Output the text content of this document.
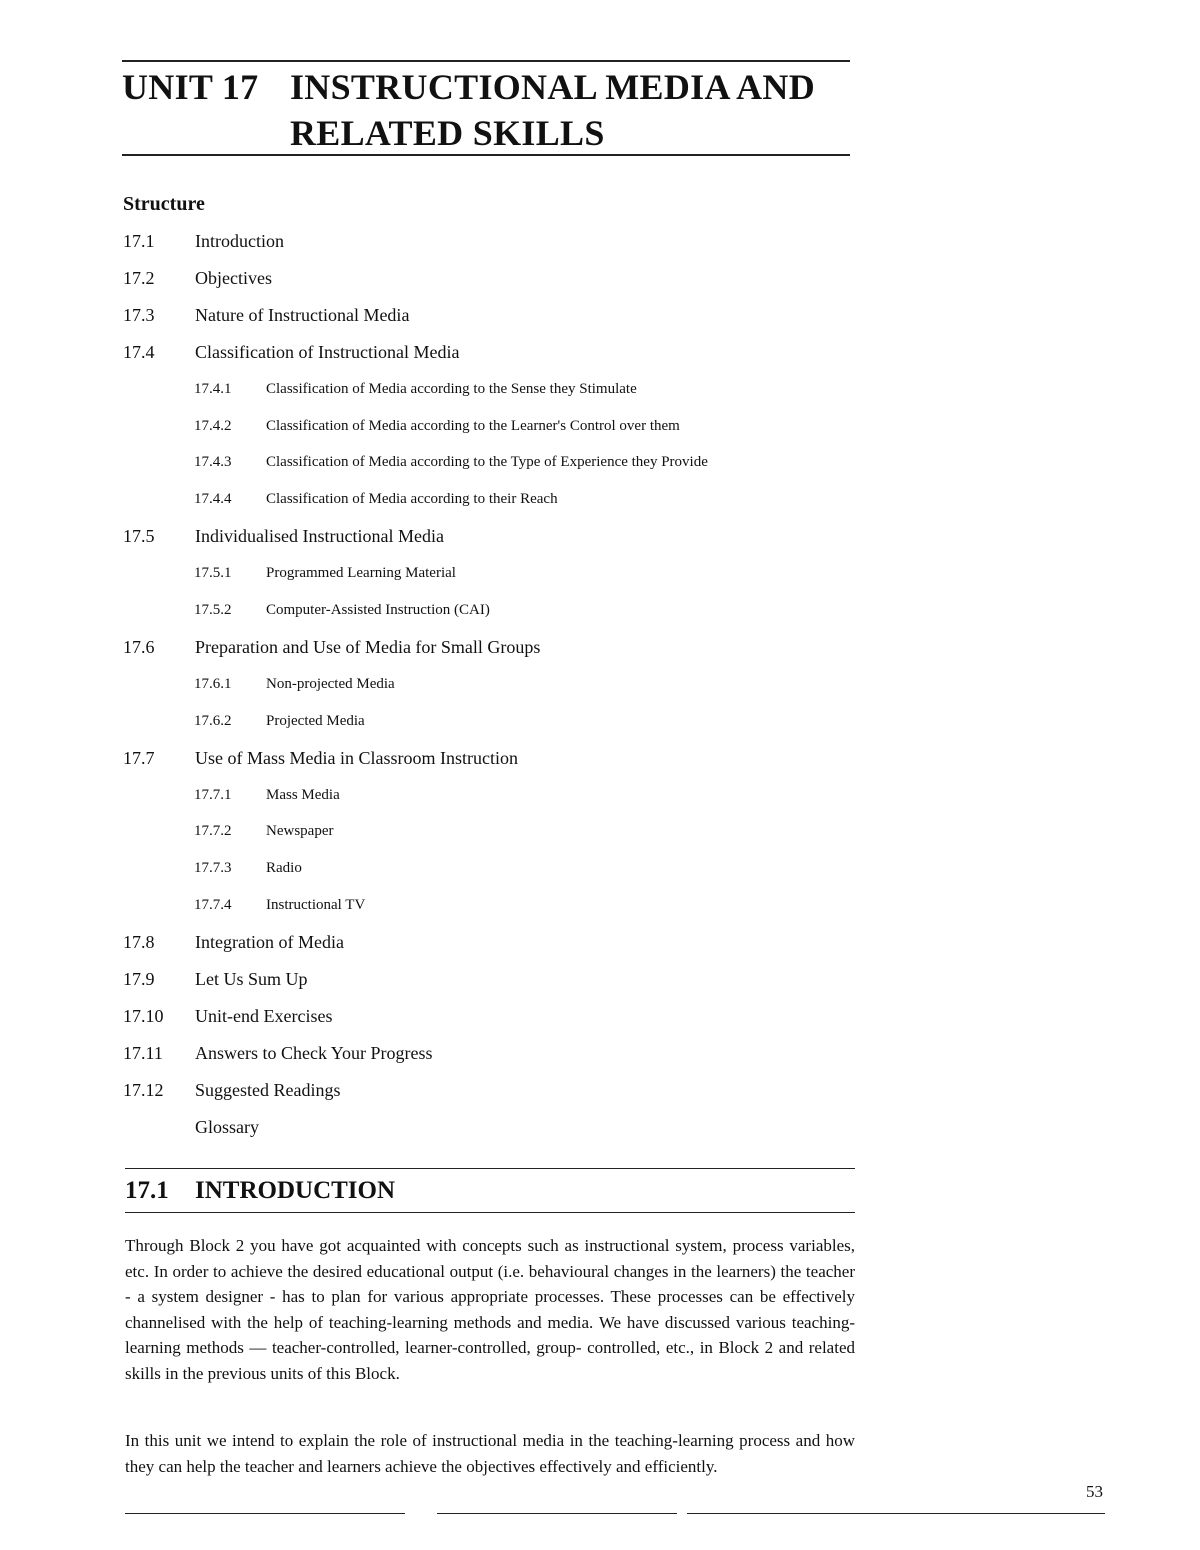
UNIT 17 INSTRUCTIONAL MEDIA AND
RELATED SKILLS
Structure
17.1 Introduction
17.2 Objectives
17.3 Nature of Instructional Media
17.4 Classification of Instructional Media
17.4.1 Classification of Media according to the Sense they Stimulate
17.4.2 Classification of Media according to the Learner's Control over them
17.4.3 Classification of Media according to the Type of Experience they Provide
17.4.4 Classification of Media according to their Reach
17.5 Individualised Instructional Media
17.5.1 Programmed Learning Material
17.5.2 Computer-Assisted Instruction (CAI)
17.6 Preparation and Use of Media for Small Groups
17.6.1 Non-projected Media
17.6.2 Projected Media
17.7 Use of Mass Media in Classroom Instruction
17.7.1 Mass Media
17.7.2 Newspaper
17.7.3 Radio
17.7.4 Instructional TV
17.8 Integration of Media
17.9 Let Us Sum Up
17.10 Unit-end Exercises
17.11 Answers to Check Your Progress
17.12 Suggested Readings
Glossary
17.1 INTRODUCTION

Through Block 2 you have got acquainted with concepts such as instructional system, process variables, etc. In order to achieve the desired educational output (i.e. behavioural changes in the learners) the teacher - a system designer - has to plan for various appropriate processes. These processes can be effectively channelised with the help of teaching-learning methods and media. We have discussed various teaching-learning methods — teacher-controlled, learner-controlled, group- controlled, etc., in Block 2 and related skills in the previous units of this Block.

In this unit we intend to explain the role of instructional media in the teaching-learning process and how they can help the teacher and learners achieve the objectives effectively and efficiently.

53
